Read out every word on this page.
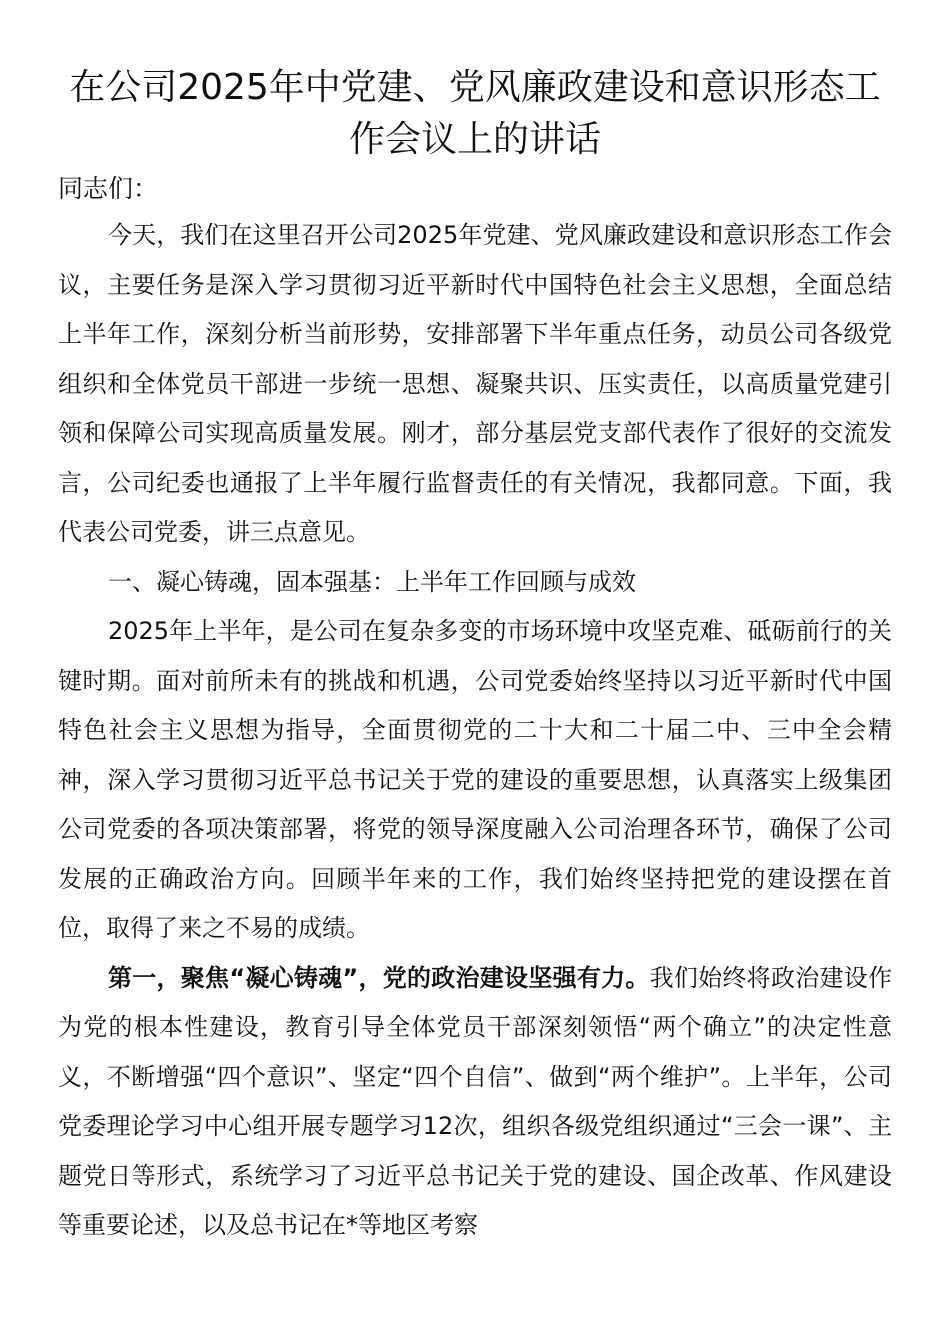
在公司2025年中党建、党风廉政建设和意识形态工作会议上的讲话

同志们：

今天，我们在这里召开公司2025年党建、党风廉政建设和意识形态工作会议，主要任务是深入学习贯彻习近平新时代中国特色社会主义思想，全面总结上半年工作，深刻分析当前形势，安排部署下半年重点任务，动员公司各级党组织和全体党员干部进一步统一思想、凝聚共识、压实责任，以高质量党建引领和保障公司实现高质量发展。刚才，部分基层党支部代表作了很好的交流发言，公司纪委也通报了上半年履行监督责任的有关情况，我都同意。下面，我代表公司党委，讲三点意见。

一、凝心铸魂，固本强基：上半年工作回顾与成效

2025年上半年，是公司在复杂多变的市场环境中攻坚克难、砥砺前行的关键时期。面对前所未有的挑战和机遇，公司党委始终坚持以习近平新时代中国特色社会主义思想为指导，全面贯彻党的二十大和二十届二中、三中全会精神，深入学习贯彻习近平总书记关于党的建设的重要思想，认真落实上级集团公司党委的各项决策部署，将党的领导深度融入公司治理各环节，确保了公司发展的正确政治方向。回顾半年来的工作，我们始终坚持把党的建设摆在首位，取得了来之不易的成绩。

第一，聚焦“凝心铸魂”，党的政治建设坚强有力。我们始终将政治建设作为党的根本性建设，教育引导全体党员干部深刻领悟“两个确立”的决定性意义，不断增强“四个意识”、坚定“四个自信”、做到“两个维护”。上半年，公司党委理论学习中心组开展专题学习12次，组织各级党组织通过“三会一课”、主题党日等形式，系统学习了习近平总书记关于党的建设、国企改革、作风建设等重要论述，以及总书记在*等地区考察
